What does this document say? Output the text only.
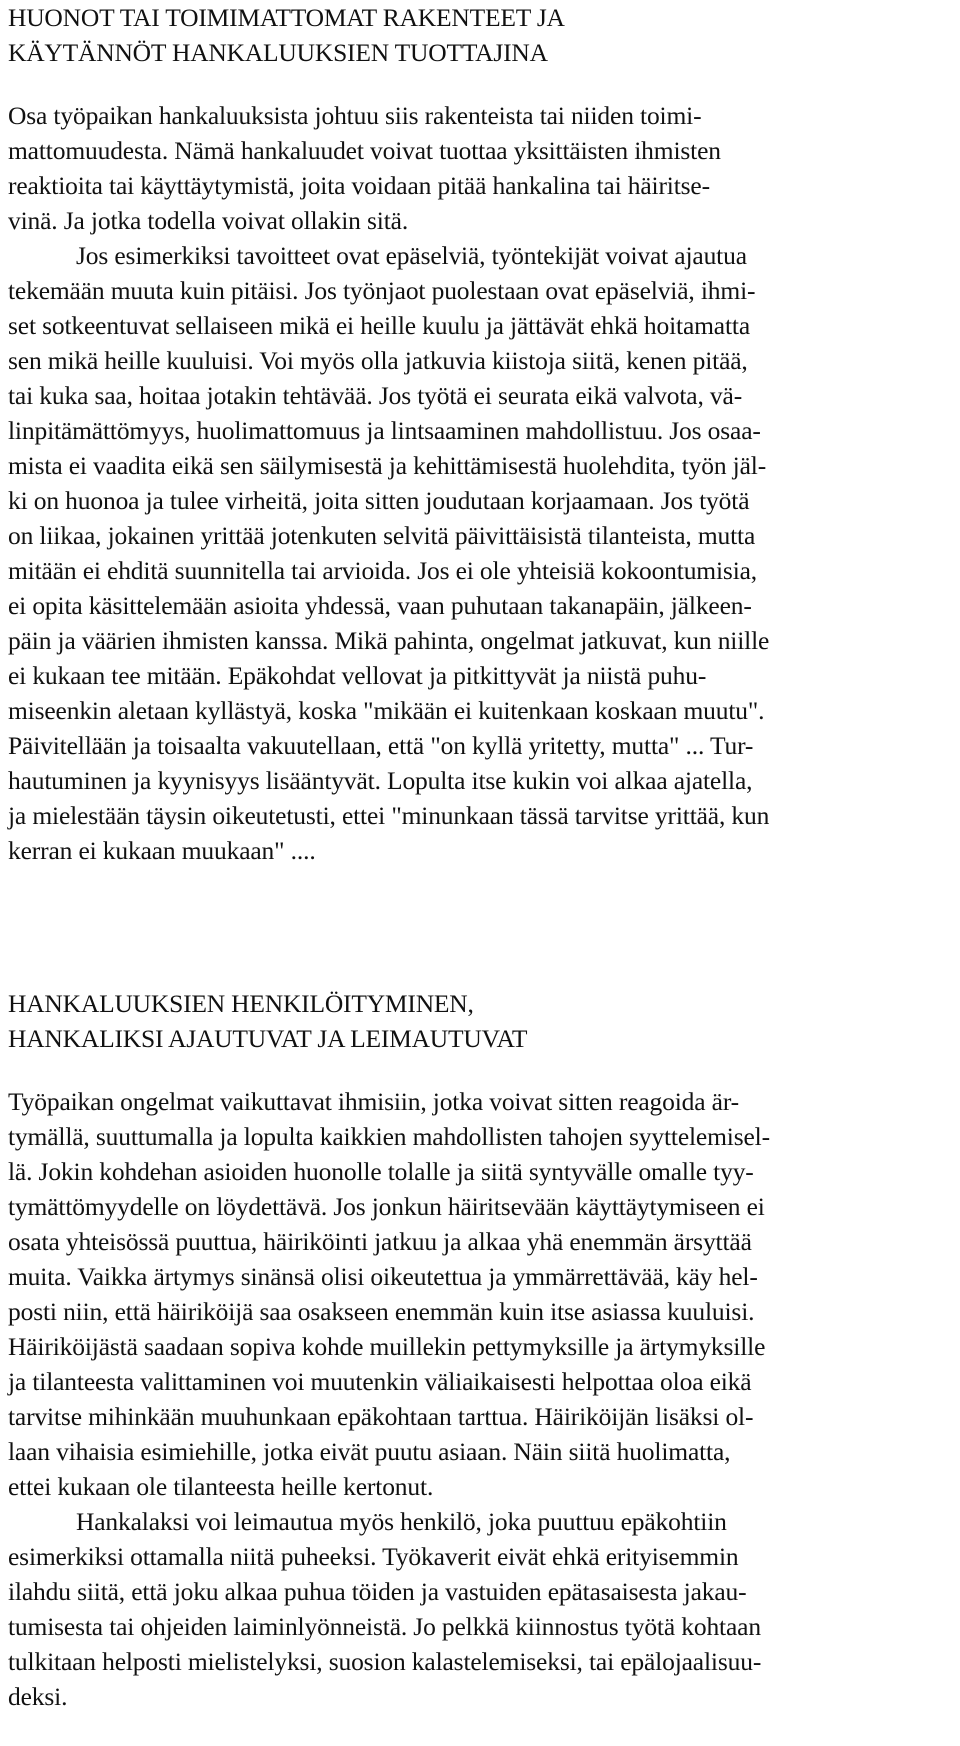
HUONOT TAI TOIMIMATTOMAT RAKENTEET JA
KÄYTÄNNÖT HANKALUUKSIEN TUOTTAJINA
Osa työpaikan hankaluuksista johtuu siis rakenteista tai niiden toimi-
mattomuudesta. Nämä hankaluudet voivat tuottaa yksittäisten ihmisten
reaktioita tai käyttäytymistä, joita voidaan pitää hankalina tai häiritse-
vinä. Ja jotka todella voivat ollakin sitä.
Jos esimerkiksi tavoitteet ovat epäselviä, työntekijät voivat ajautua
tekemään muuta kuin pitäisi. Jos työnjaot puolestaan ovat epäselviä, ihmi-
set sotkeentuvat sellaiseen mikä ei heille kuulu ja jättävät ehkä hoitamatta
sen mikä heille kuuluisi. Voi myös olla jatkuvia kiistoja siitä, kenen pitää,
tai kuka saa, hoitaa jotakin tehtävää. Jos työtä ei seurata eikä valvota, vä-
linpitämättömyys, huolimattomuus ja lintsaaminen mahdollistuu. Jos osaa-
mista ei vaadita eikä sen säilymisestä ja kehittämisestä huolehdita, työn jäl-
ki on huonoa ja tulee virheitä, joita sitten joudutaan korjaamaan. Jos työtä
on liikaa, jokainen yrittää jotenkuten selvitä päivittäisistä tilanteista, mutta
mitään ei ehditä suunnitella tai arvioida. Jos ei ole yhteisiä kokoontumisia,
ei opita käsittelemään asioita yhdessä, vaan puhutaan takanapäin, jälkeen-
päin ja väärien ihmisten kanssa. Mikä pahinta, ongelmat jatkuvat, kun niille
ei kukaan tee mitään. Epäkohdat vellovat ja pitkittyvät ja niistä puhu-
miseenkin aletaan kyllästyä, koska "mikään ei kuitenkaan koskaan muutu".
Päivitellään ja toisaalta vakuutellaan, että "on kyllä yritetty, mutta" ... Tur-
hautuminen ja kyynisyys lisääntyvät. Lopulta itse kukin voi alkaa ajatella,
ja mielestään täysin oikeutetusti, ettei "minunkaan tässä tarvitse yrittää, kun
kerran ei kukaan muukaan" ....
HANKALUUKSIEN HENKILÖITYMINEN,
HANKALIKSI AJAUTUVAT JA LEIMAUTUVAT
Työpaikan ongelmat vaikuttavat ihmisiin, jotka voivat sitten reagoida är-
tymällä, suuttumalla ja lopulta kaikkien mahdollisten tahojen syyttelemisel-
lä. Jokin kohdehan asioiden huonolle tolalle ja siitä syntyvälle omalle tyy-
tymättömyydelle on löydettävä. Jos jonkun häiritsevään käyttäytymiseen ei
osata yhteisössä puuttua, häiriköinti jatkuu ja alkaa yhä enemmän ärsyttää
muita. Vaikka ärtymys sinänsä olisi oikeutettua ja ymmärrettävää, käy hel-
posti niin, että häiriköijä saa osakseen enemmän kuin itse asiassa kuuluisi.
Häiriköijästä saadaan sopiva kohde muillekin pettymyksille ja ärtymyksille
ja tilanteesta valittaminen voi muutenkin väliaikaisesti helpottaa oloa eikä
tarvitse mihinkään muuhunkaan epäkohtaan tarttua. Häiriköijän lisäksi ol-
laan vihaisia esimiehille, jotka eivät puutu asiaan. Näin siitä huolimatta,
ettei kukaan ole tilanteesta heille kertonut.
Hankalaksi voi leimautua myös henkilö, joka puuttuu epäkohtiin
esimerkiksi ottamalla niitä puheeksi. Työkaverit eivät ehkä erityisemmin
ilahdu siitä, että joku alkaa puhua töiden ja vastuiden epätasaisesta jakau-
tumisesta tai ohjeiden laiminlyönneistä. Jo pelkkä kiinnostus työtä kohtaan
tulkitaan helposti mielistelyksi, suosion kalastelemiseksi, tai epälojaalisuu-
deksi.
